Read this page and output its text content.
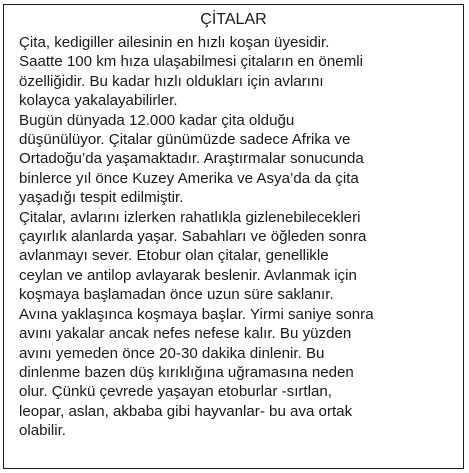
ÇİTALAR
Çita, kedigiller ailesinin en hızlı koşan üyesidir.
Saatte 100 km hıza ulaşabilmesi çitaların en önemli
özelliğidir. Bu kadar hızlı oldukları için avlarını
kolayca yakalayabilirler.
Bugün dünyada 12.000 kadar çita olduğu
düşünülüyor. Çitalar günümüzde sadece Afrika ve
Ortadoğu’da yaşamaktadır. Araştırmalar sonucunda
binlerce yıl önce Kuzey Amerika ve Asya’da da çita
yaşadığı tespit edilmiştir.
Çitalar, avlarını izlerken rahatlıkla gizlenebilecekleri
çayırlık alanlarda yaşar. Sabahları ve öğleden sonra
avlanmayı sever. Etobur olan çitalar, genellikle
ceylan ve antilop avlayarak beslenir. Avlanmak için
koşmaya başlamadan önce uzun süre saklanır.
Avına yaklaşınca koşmaya başlar. Yirmi saniye sonra
avını yakalar ancak nefes nefese kalır. Bu yüzden
avını yemeden önce 20-30 dakika dinlenir. Bu
dinlenme bazen düş kırıklığına uğramasına neden
olur. Çünkü çevrede yaşayan etoburlar -sırtlan,
leopar, aslan, akbaba gibi hayvanlar- bu ava ortak
olabilir.
